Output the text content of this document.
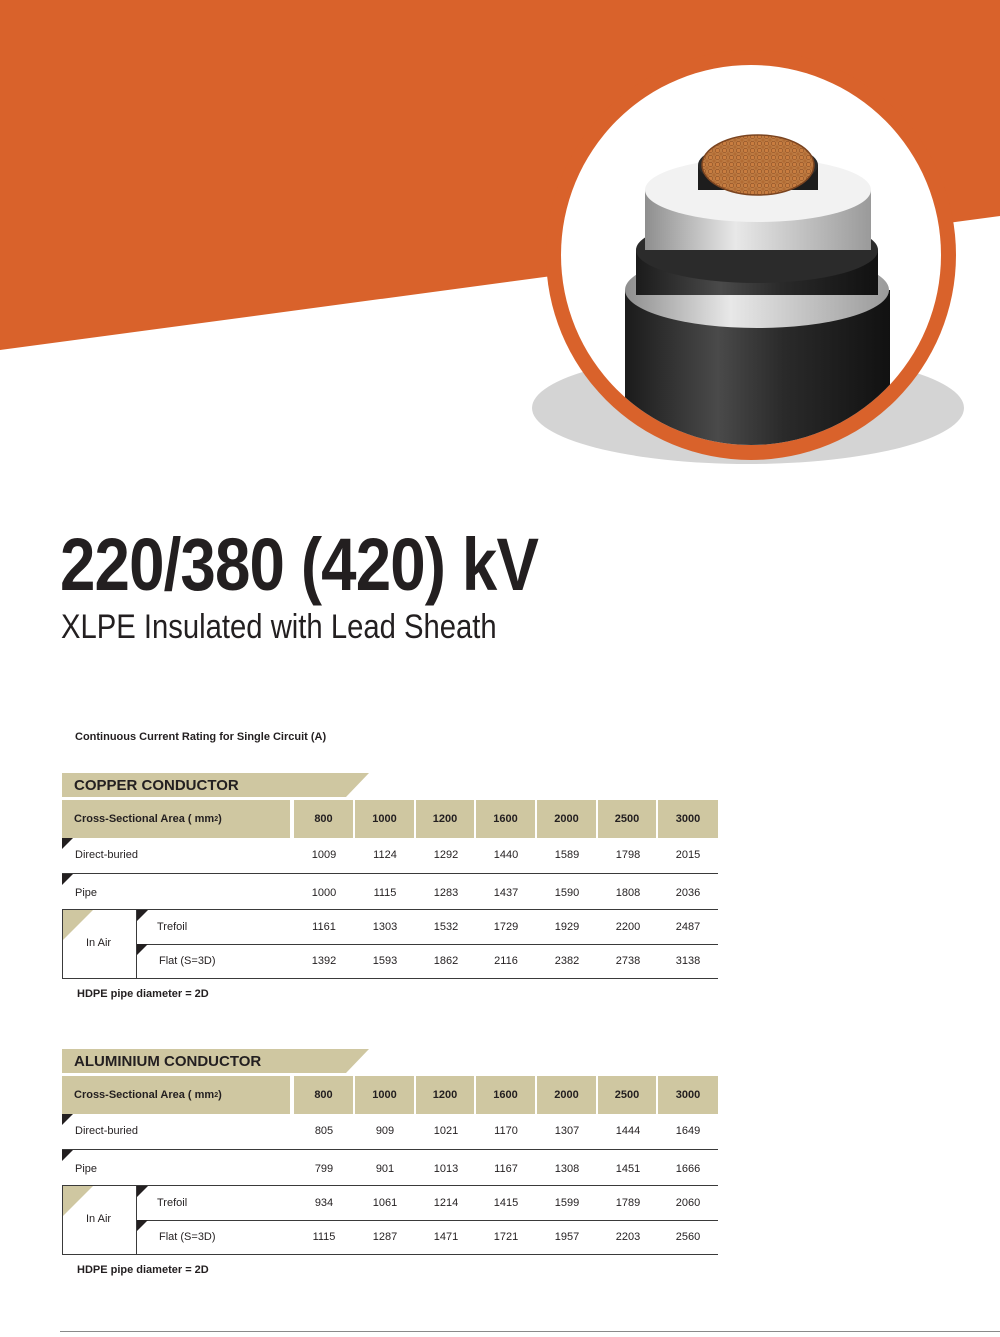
220/380 (420) kV
XLPE Insulated with Lead Sheath
Continuous Current Rating for Single Circuit (A)
COPPER CONDUCTOR
Cross-Sectional Area ( mm 2 )	800	1000	1200	1600	2000	2500	3000
Direct-buried	1009	1124	1292	1440	1589	1798	2015
Pipe	1000	1115	1283	1437	1590	1808	2036
In Air
Trefoil	1161	1303	1532	1729	1929	2200	2487
Flat (S=3D)	1392	1593	1862	2116	2382	2738	3138
HDPE pipe diameter = 2D
ALUMINIUM CONDUCTOR
Cross-Sectional Area ( mm 2 )	800	1000	1200	1600	2000	2500	3000
Direct-buried	805	909	1021	1170	1307	1444	1649
Pipe	799	901	1013	1167	1308	1451	1666
In Air
Trefoil	934	1061	1214	1415	1599	1789	2060
Flat (S=3D)	1115	1287	1471	1721	1957	2203	2560
HDPE pipe diameter = 2D
